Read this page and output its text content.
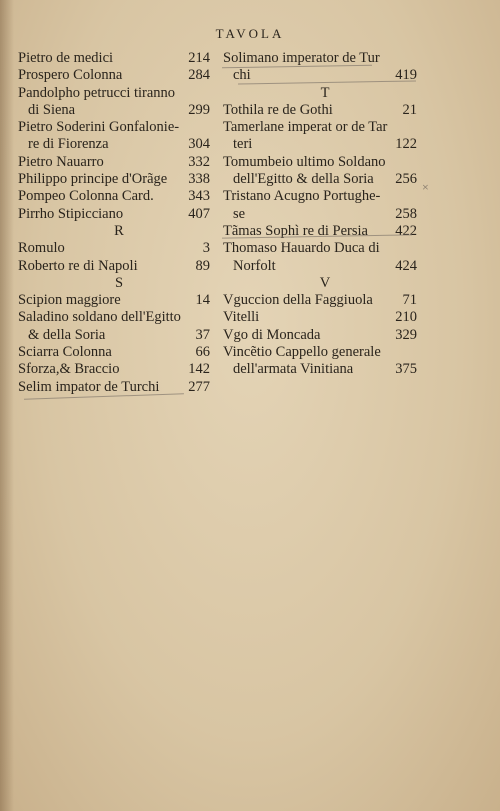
TAVOLA
Pietro de medici	214
Prospero Colonna	284
Pandolpho petrucci tiranno
di Siena	299
Pietro Soderini Gonfalonie-
re di Fiorenza	304
Pietro Nauarro	332
Philippo principe d'Orãge	338
Pompeo Colonna Card.	343
Pirrho Stipicciano	407
R
Romulo	3
Roberto re di Napoli	89
S
Scipion maggiore	14
Saladino soldano dell'Egitto
& della Soria	37
Sciarra Colonna	66
Sforza,& Braccio	142
Selim impator de Turchi	277
Solimano imperator de Tur
chi	419
T
Tothila re de Gothi	21
Tamerlane imperat or de Tar
teri	122
Tomumbeio ultimo Soldano
dell'Egitto & della Soria	256
Tristano Acugno Portughe-
se	258
Tãmas Sophì re di Persia	422
Thomaso Hauardo Duca di
Norfolt	424
V
Vguccion della Faggiuola	71
Vitelli	210
Vgo di Moncada	329
Vincẽtio Cappello generale
dell'armata Vinitiana	375
×
